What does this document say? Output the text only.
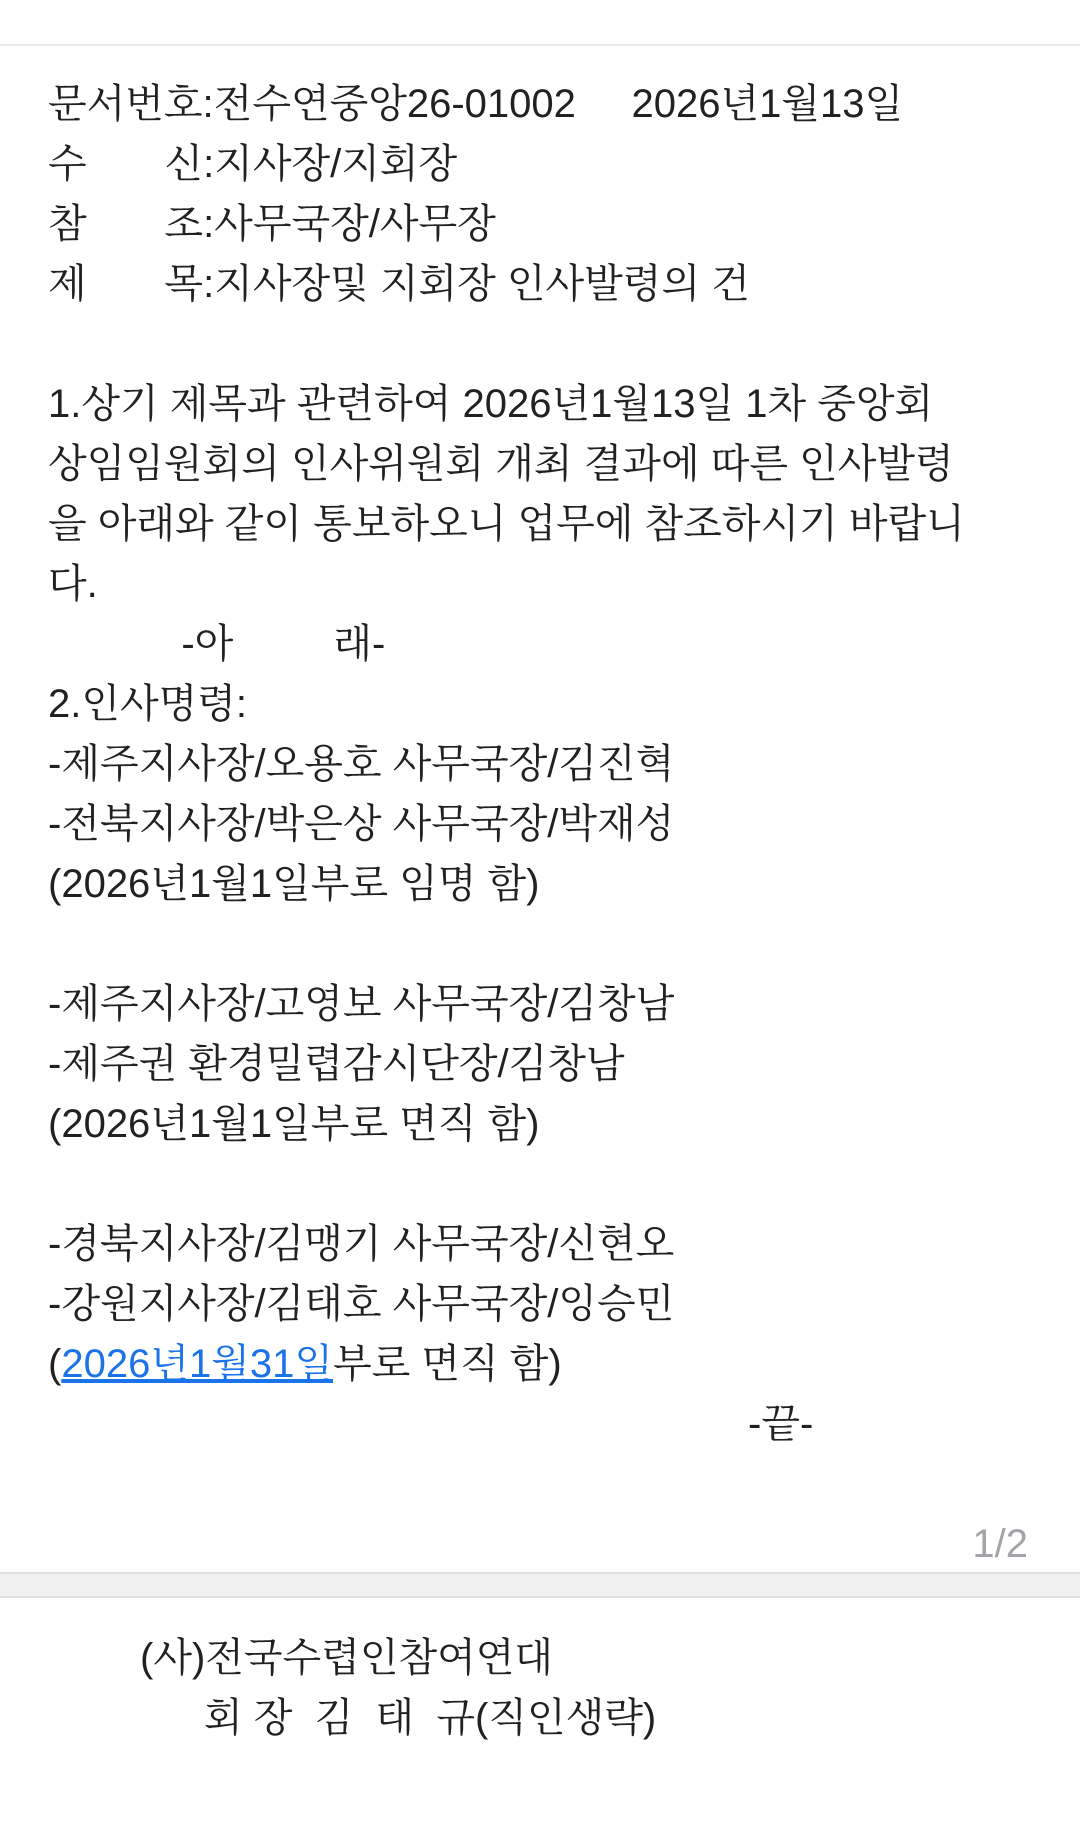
문서번호:전수연중앙26-01002     2026년1월13일
수       신:지사장/지회장
참       조:사무국장/사무장
제       목:지사장및 지회장 인사발령의 건
1.상기 제목과 관련하여 2026년1월13일 1차 중앙회
상임임원회의 인사위원회 개최 결과에 따른 인사발령
을 아래와 같이 통보하오니 업무에 참조하시기 바랍니
다.
-아         래-
2.인사명령:
-제주지사장/오용호 사무국장/김진혁
-전북지사장/박은상 사무국장/박재성
(2026년1월1일부로 임명 함)
-제주지사장/고영보 사무국장/김창남
-제주권 환경밀렵감시단장/김창남
(2026년1월1일부로 면직 함)
-경북지사장/김맹기 사무국장/신현오
-강원지사장/김태호 사무국장/잉승민
(2026년1월31일부로 면직 함)
-끝-
1/2
(사)전국수렵인참여연대
회 장  김  태  규(직인생략)
